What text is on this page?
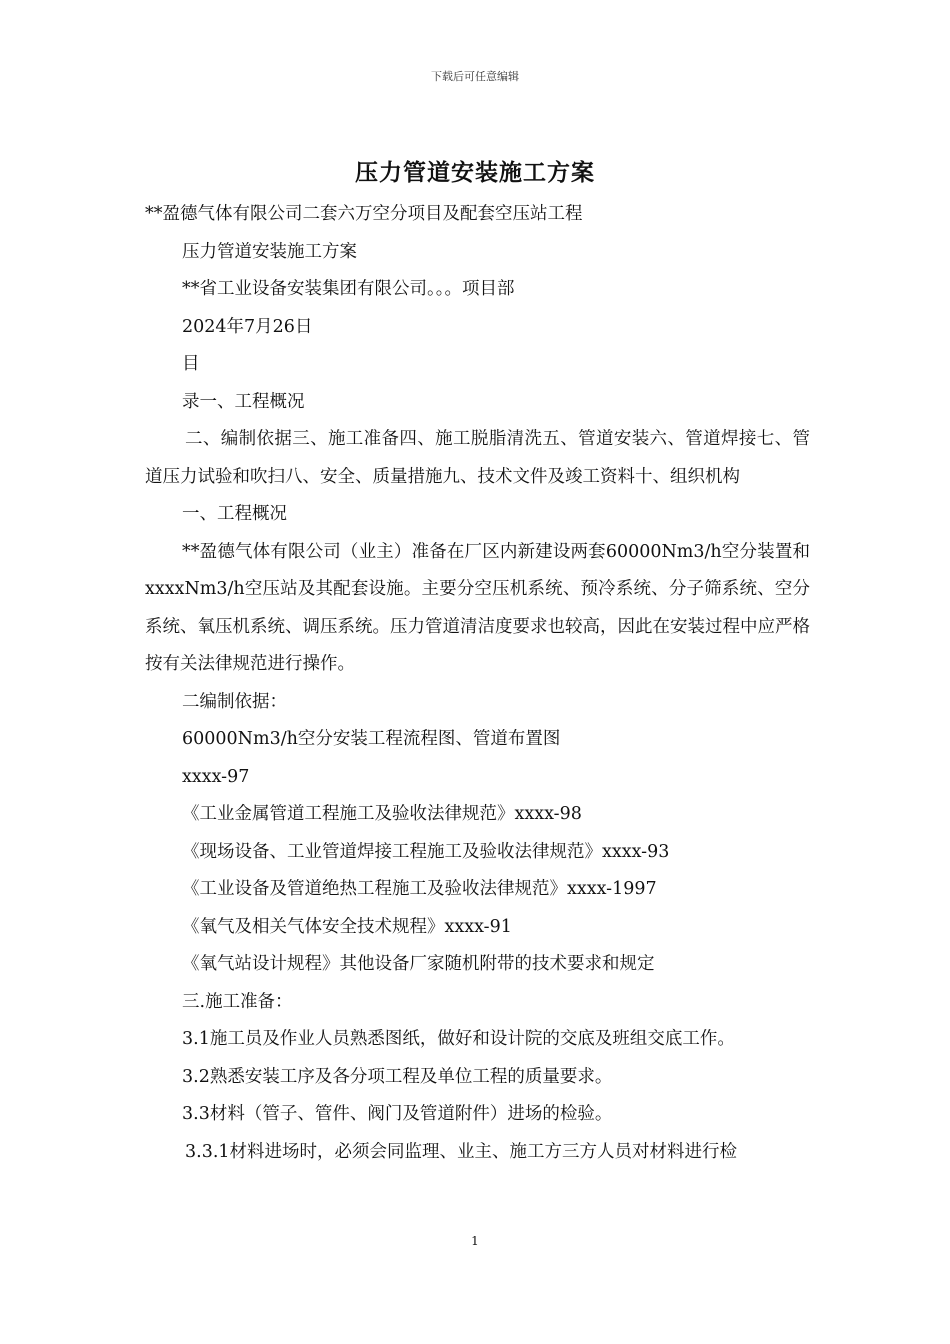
下载后可任意编辑
压力管道安装施工方案

**盈德气体有限公司二套六万空分项目及配套空压站工程

压力管道安装施工方案

**省工业设备安装集团有限公司。。。项目部

2024年7月26日

目

录一、工程概况

二、编制依据三、施工准备四、施工脱脂清洗五、管道安装六、管道焊接七、管道压力试验和吹扫八、安全、质量措施九、技术文件及竣工资料十、组织机构

一、工程概况

**盈德气体有限公司（业主）准备在厂区内新建设两套60000Nm3/h空分装置和xxxxNm3/h空压站及其配套设施。主要分空压机系统、预冷系统、分子筛系统、空分系统、氧压机系统、调压系统。压力管道清洁度要求也较高，因此在安装过程中应严格按有关法律规范进行操作。

二编制依据：

60000Nm3/h空分安装工程流程图、管道布置图

xxxx-97

《工业金属管道工程施工及验收法律规范》xxxx-98

《现场设备、工业管道焊接工程施工及验收法律规范》xxxx-93

《工业设备及管道绝热工程施工及验收法律规范》xxxx-1997

《氧气及相关气体安全技术规程》xxxx-91

《氧气站设计规程》其他设备厂家随机附带的技术要求和规定

三.施工准备：

3.1施工员及作业人员熟悉图纸，做好和设计院的交底及班组交底工作。

3.2熟悉安装工序及各分项工程及单位工程的质量要求。

3.3材料（管子、管件、阀门及管道附件）进场的检验。

3.3.1材料进场时，必须会同监理、业主、施工方三方人员对材料进行检

1
